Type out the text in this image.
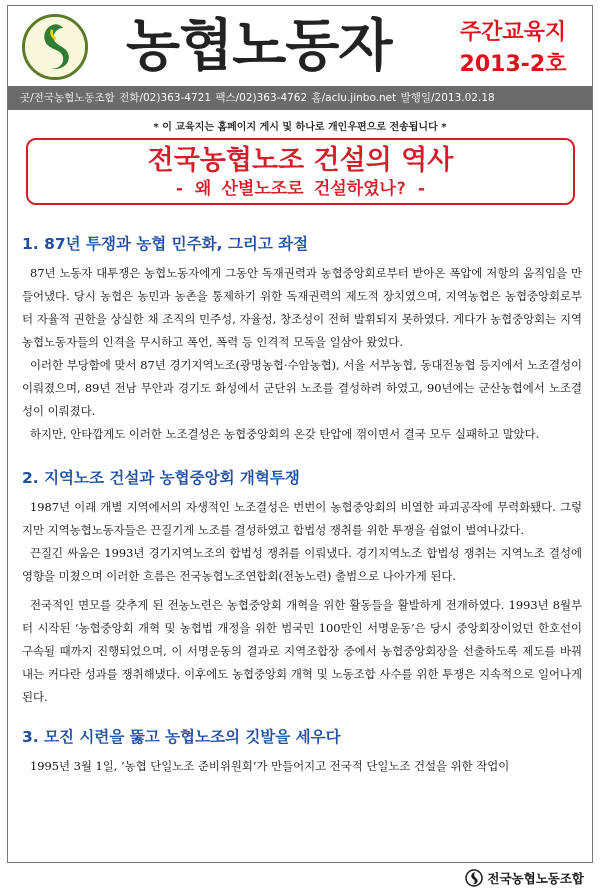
농협노동자	주간교육지
2013-2호
곳/전국농협노동조합 전화/02)363-4721 팩스/02)363-4762 홈/aclu.jinbo.net 발행일/2013.02.18
* 이 교육지는 홈페이지 게시 및 하나로 개인우편으로 전송됩니다 *
전국농협노조 건설의 역사
- 왜 산별노조로 건설하였나? -
1. 87년 투쟁과 농협 민주화, 그리고 좌절

87년 노동자 대투쟁은 농협노동자에게 그동안 독재권력과 농협중앙회로부터 받아온 폭압에 저항의 움직임을 만들어냈다. 당시 농협은 농민과 농촌을 통제하기 위한 독재권력의 제도적 장치였으며, 지역농협은 농협중앙회로부터 자율적 권한을 상실한 채 조직의 민주성, 자율성, 창조성이 전혀 발휘되지 못하였다. 게다가 농협중앙회는 지역농협노동자들의 인격을 무시하고 폭언, 폭력 등 인격적 모독을 일삼아 왔었다.

이러한 부당함에 맞서 87년 경기지역노조(광명농협·수암농협), 서울 서부농협, 동대전농협 등지에서 노조결성이 이뤄졌으며, 89년 전남 무안과 경기도 화성에서 군단위 노조를 결성하려 하였고, 90년에는 군산농협에서 노조결성이 이뤄졌다.

하지만, 안타깝게도 이러한 노조결성은 농협중앙회의 온갖 탄압에 꺾이면서 결국 모두 실패하고 말았다.

2. 지역노조 건설과 농협중앙회 개혁투쟁

1987년 이래 개별 지역에서의 자생적인 노조결성은 번번이 농협중앙회의 비열한 파괴공작에 무력화됐다. 그렇지만 지역농협노동자들은 끈질기게 노조를 결성하였고 합법성 쟁취를 위한 투쟁을 쉼없이 벌여나갔다.

끈질긴 싸움은 1993년 경기지역노조의 합법성 쟁취를 이뤄냈다. 경기지역노조 합법성 쟁취는 지역노조 결성에 영향을 미쳤으며 이러한 흐름은 전국농협노조연합회(전농노련) 출범으로 나아가게 된다.

전국적인 면모를 갖추게 된 전농노련은 농협중앙회 개혁을 위한 활동들을 활발하게 전개하였다. 1993년 8월부터 시작된 ‘농협중앙회 개혁 및 농협법 개정을 위한 범국민 100만인 서명운동’은 당시 중앙회장이었던 한호선이 구속될 때까지 진행되었으며, 이 서명운동의 결과로 지역조합장 중에서 농협중앙회장을 선출하도록 제도를 바꿔내는 커다란 성과를 쟁취해냈다. 이후에도 농협중앙회 개혁 및 노동조합 사수를 위한 투쟁은 지속적으로 일어나게 된다.

3. 모진 시련을 뚫고 농협노조의 깃발을 세우다

1995년 3월 1일, ‘농협 단일노조 준비위원회’가 만들어지고 전국적 단일노조 건설을 위한 작업이

전국농협노동조합
